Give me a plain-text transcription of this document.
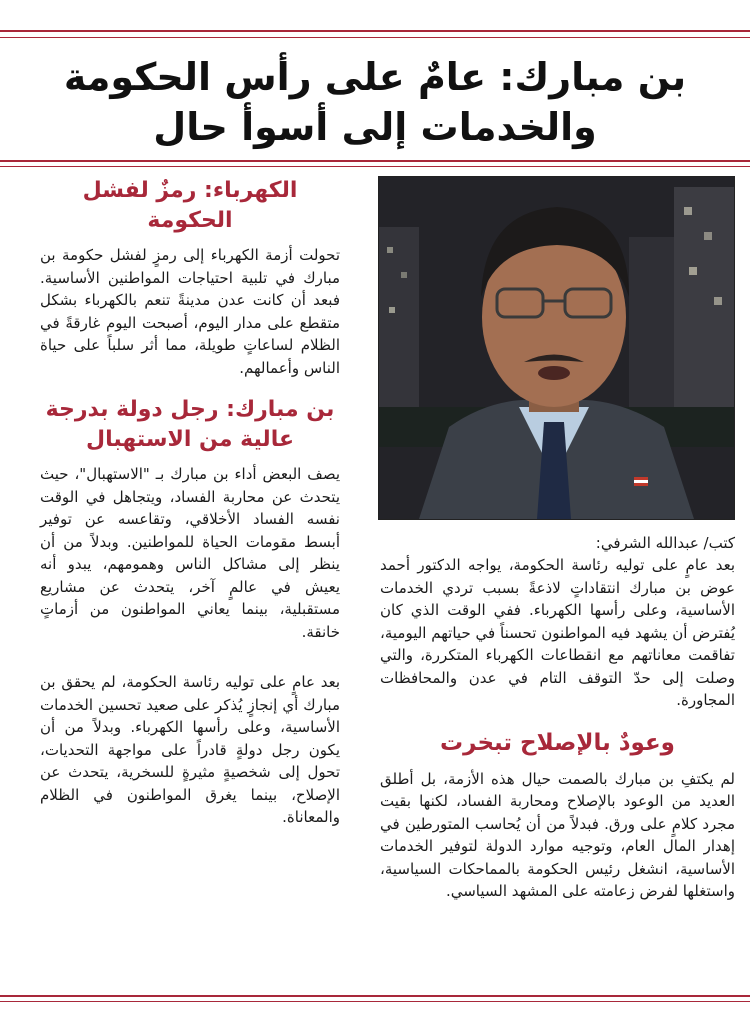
بن مبارك: عامٌ على رأس الحكومة
والخدمات إلى أسوأ حال

كتب/ عبدالله الشرفي:

بعد عامٍ على توليه رئاسة الحكومة، يواجه الدكتور أحمد عوض بن مبارك انتقاداتٍ لاذعةً بسبب تردي الخدمات الأساسية، وعلى رأسها الكهرباء. ففي الوقت الذي كان يُفترض أن يشهد فيه المواطنون تحسناً في حياتهم اليومية، تفاقمت معاناتهم مع انقطاعات الكهرباء المتكررة، والتي وصلت إلى حدّ التوقف التام في عدن والمحافظات المجاورة.

وعودٌ بالإصلاح تبخرت

لم يكتفِ بن مبارك بالصمت حيال هذه الأزمة، بل أطلق العديد من الوعود بالإصلاح ومحاربة الفساد، لكنها بقيت مجرد كلامٍ على ورق. فبدلاً من أن يُحاسب المتورطين في إهدار المال العام، وتوجيه موارد الدولة لتوفير الخدمات الأساسية، انشغل رئيس الحكومة بالمماحكات السياسية، واستغلها لفرض زعامته على المشهد السياسي.

الكهرباء: رمزٌ لفشل
الحكومة

تحولت أزمة الكهرباء إلى رمزٍ لفشل حكومة بن مبارك في تلبية احتياجات المواطنين الأساسية. فبعد أن كانت عدن مدينةً تنعم بالكهرباء بشكل متقطع على مدار اليوم، أصبحت اليوم غارقةً في الظلام لساعاتٍ طويلة، مما أثر سلباً على حياة الناس وأعمالهم.

بن مبارك: رجل دولة بدرجة
عالية من الاستهبال

يصف البعض أداء بن مبارك بـ "الاستهبال"، حيث يتحدث عن محاربة الفساد، ويتجاهل في الوقت نفسه الفساد الأخلاقي، وتقاعسه عن توفير أبسط مقومات الحياة للمواطنين. وبدلاً من أن ينظر إلى مشاكل الناس وهمومهم، يبدو أنه يعيش في عالمٍ آخر، يتحدث عن مشاريع مستقبلية، بينما يعاني المواطنون من أزماتٍ خانقة.

بعد عامٍ على توليه رئاسة الحكومة، لم يحقق بن مبارك أي إنجازٍ يُذكر على صعيد تحسين الخدمات الأساسية، وعلى رأسها الكهرباء. وبدلاً من أن يكون رجل دولةٍ قادراً على مواجهة التحديات، تحول إلى شخصيةٍ مثيرةٍ للسخرية، يتحدث عن الإصلاح، بينما يغرق المواطنون في الظلام والمعاناة.
